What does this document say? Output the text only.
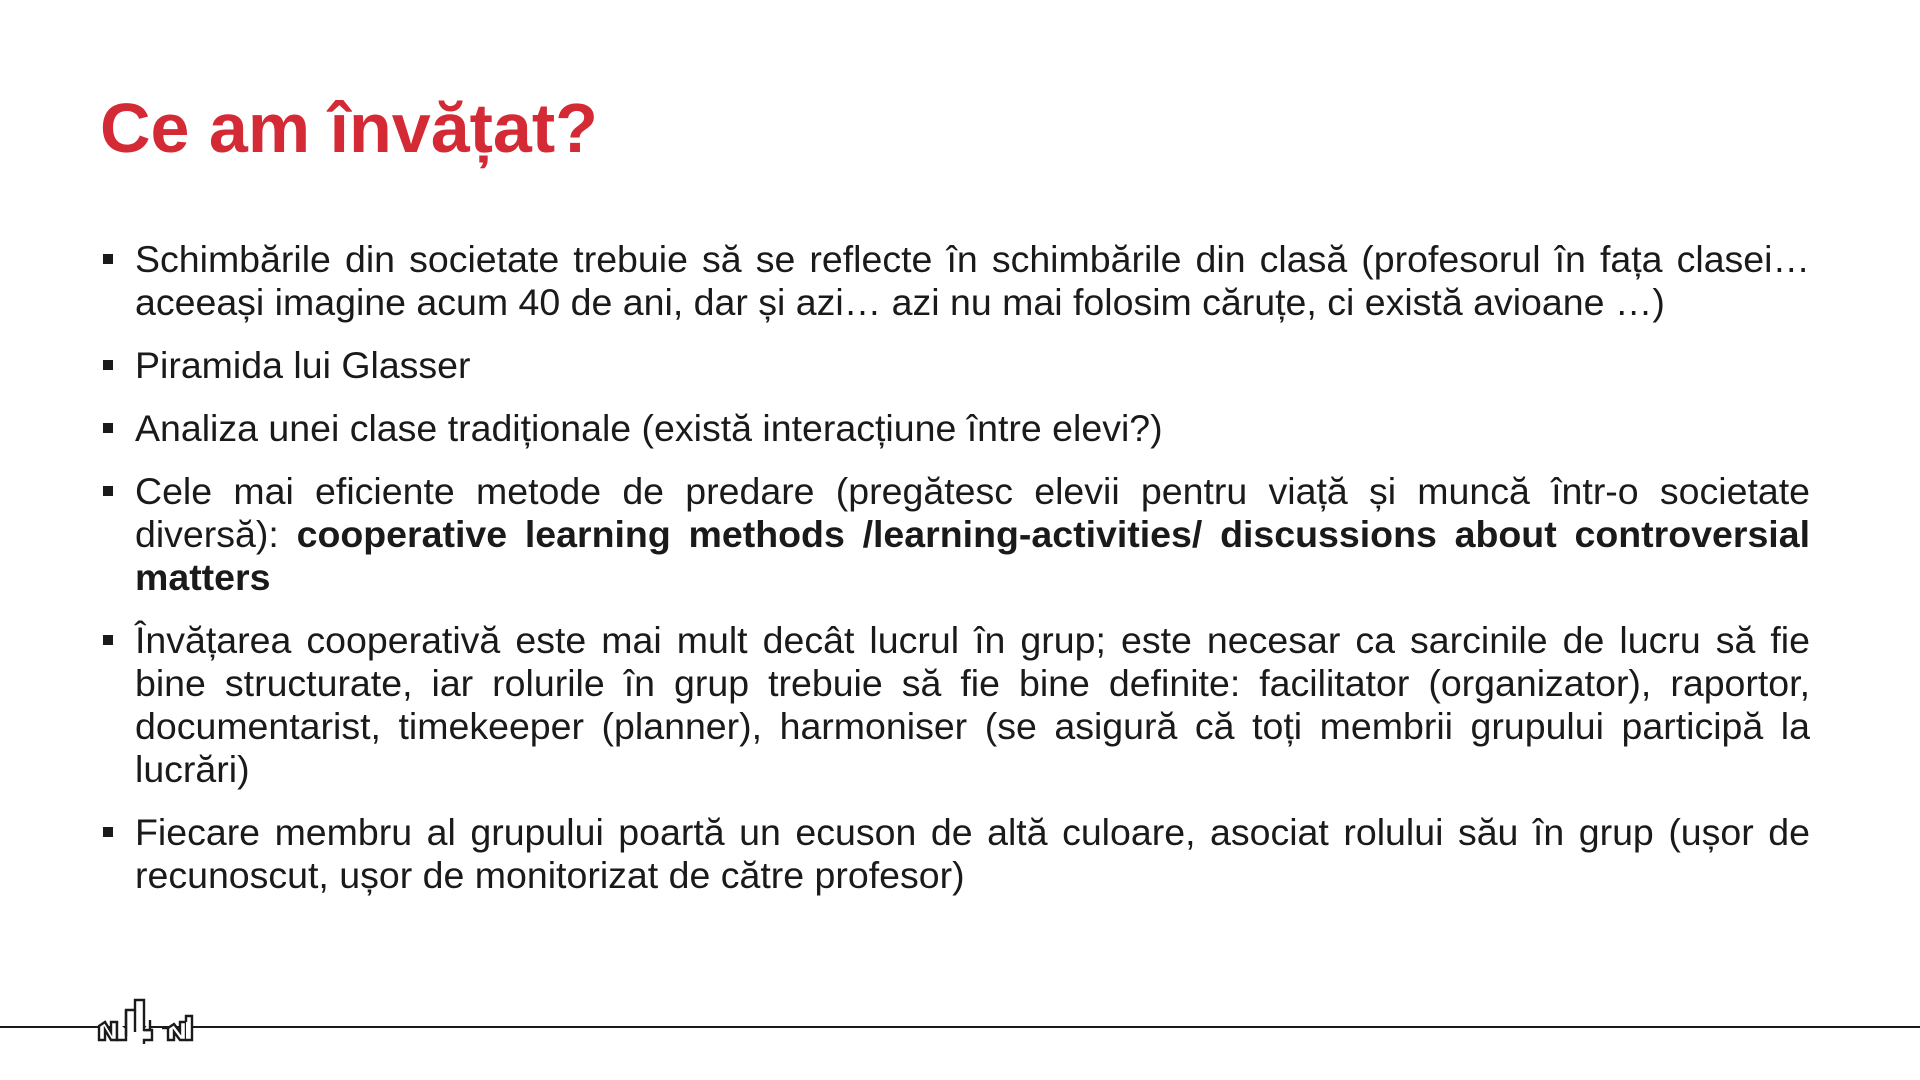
Ce am învățat?
Schimbările din societate trebuie să se reflecte în schimbările din clasă (profesorul în fața clasei… aceeași imagine acum 40 de ani, dar și azi… azi nu mai folosim căruțe, ci există avioane …)
Piramida lui Glasser
Analiza unei clase tradiționale (există interacțiune între elevi?)
Cele mai eficiente metode de predare (pregătesc elevii pentru viață și muncă într-o societate diversă): cooperative learning methods /learning-activities/ discussions about controversial matters
Învățarea cooperativă este mai mult decât lucrul în grup; este necesar ca sarcinile de lucru să fie bine structurate, iar rolurile în grup trebuie să fie bine definite: facilitator (organizator), raportor, documentarist, timekeeper (planner), harmoniser (se asigură că toți membrii grupului participă la lucrări)
Fiecare membru al grupului poartă un ecuson de altă culoare, asociat rolului său în grup (ușor de recunoscut, ușor de monitorizat de către profesor)
